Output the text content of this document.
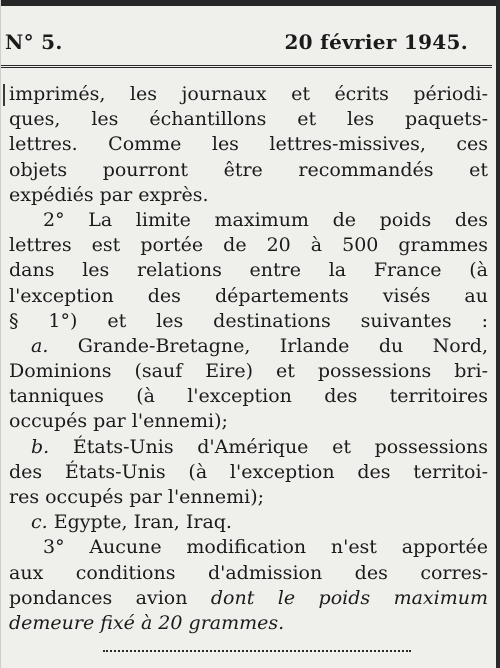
N° 5.	20 février 1945.
imprimés, les journaux et écrits périodi-
ques, les échantillons et les paquets-
lettres. Comme les lettres-missives, ces
objets pourront être recommandés et
expédiés par exprès.
2° La limite maximum de poids des
lettres est portée de 20 à 500 grammes
dans les relations entre la France (à
l'exception des départements visés au
§ 1°) et les destinations suivantes :
a. Grande-Bretagne, Irlande du Nord,
Dominions (sauf Eire) et possessions bri-
tanniques (à l'exception des territoires
occupés par l'ennemi);
b. États-Unis d'Amérique et possessions
des États-Unis (à l'exception des territoi-
res occupés par l'ennemi);
c. Egypte, Iran, Iraq.
3° Aucune modification n'est apportée
aux conditions d'admission des corres-
pondances avion dont le poids maximum
demeure fixé à 20 grammes.
